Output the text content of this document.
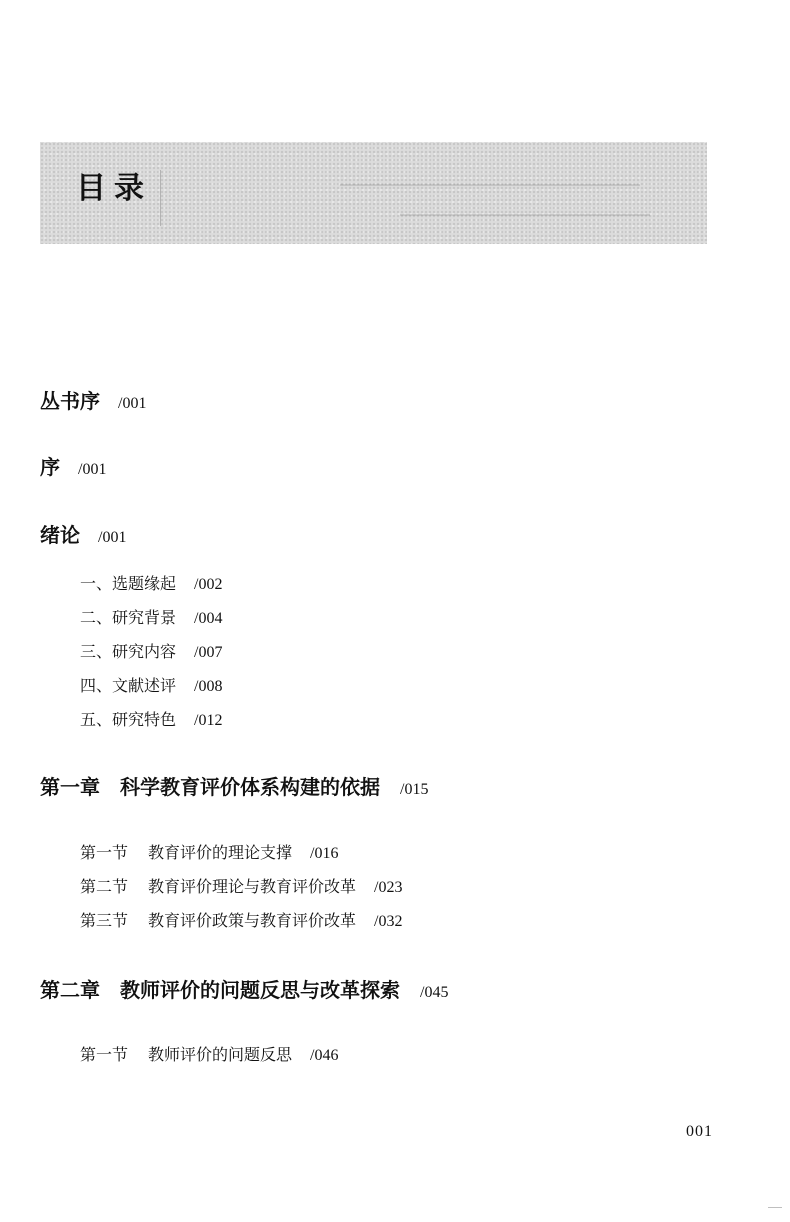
目录
丛书序 /001
序 /001
绪论 /001
一、选题缘起 /002
二、研究背景 /004
三、研究内容 /007
四、文献述评 /008
五、研究特色 /012
第一章 科学教育评价体系构建的依据 /015
第一节 教育评价的理论支撑 /016
第二节 教育评价理论与教育评价改革 /023
第三节 教育评价政策与教育评价改革 /032
第二章 教师评价的问题反思与改革探索 /045
第一节 教师评价的问题反思 /046
001
